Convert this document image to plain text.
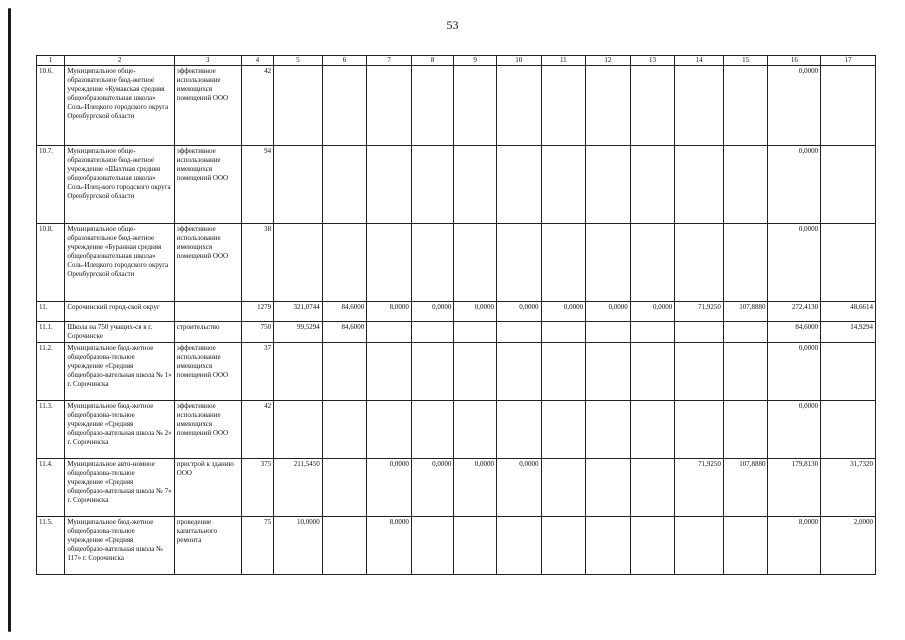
53
1	2	3	4	5	6	7	8	9	10	11	12	13	14	15	16	17
10.6.	Муниципальное обще-образовательное бюд-жетное учреждение «Кумакская средняя общеобразовательная школа» Соль-Илецкого городского округа Оренбургской области	эффективное использование имеющихся помещений ООО	42												0,0000	
10.7.	Муниципальное обще-образовательное бюд-жетное учреждение «Шахтная средняя общеобразовательная школа» Соль-Илец-кого городского округа Оренбургской области	эффективное использование имеющихся помещений ООО	94												0,0000	
10.8.	Муниципальное обще-образовательное бюд-жетное учреждение «Буранная средняя общеобразовательная школа» Соль-Илецкого городского округа Оренбургской области	эффективное использование имеющихся помещений ООО	38												0,0000	
11.	Сорочинский город-ской округ		1279	321,0744	84,6000	8,0000	0,0000	0,0000	0,0000	0,0000	0,0000	0,0000	71,9250	107,8880	272,4130	48,6614
11.1.	Школа на 750 учащих-ся в г. Сорочинске	строительство	750	99,5294	84,6000										84,6000	14,9294
11.2.	Муниципальное бюд-жетное общеобразова-тельное учреждение «Средняя общеобразо-вательная школа № 1» г. Сорочинска	эффективное использование имеющихся помещений ООО	37												0,0000	
11.3.	Муниципальное бюд-жетное общеобразова-тельное учреждение «Средняя общеобразо-вательная школа № 2» г. Сорочинска	эффективное использование имеющихся помещений ООО	42												0,0000	
11.4.	Муниципальное авто-номное общеобразова-тельное учреждение «Средняя общеобразо-вательная школа № 7» г. Сорочинска	пристрой к зданию ООО	375	211,5450		0,0000	0,0000	0,0000	0,0000				71,9250	107,8880	179,8130	31,7320
11.5.	Муниципальное бюд-жетное общеобразова-тельное учреждение «Средняя общеобразо-вательная школа № 117» г. Сорочинска	проведение капитального ремонта	75	10,0000		8,0000									8,0000	2,0000
